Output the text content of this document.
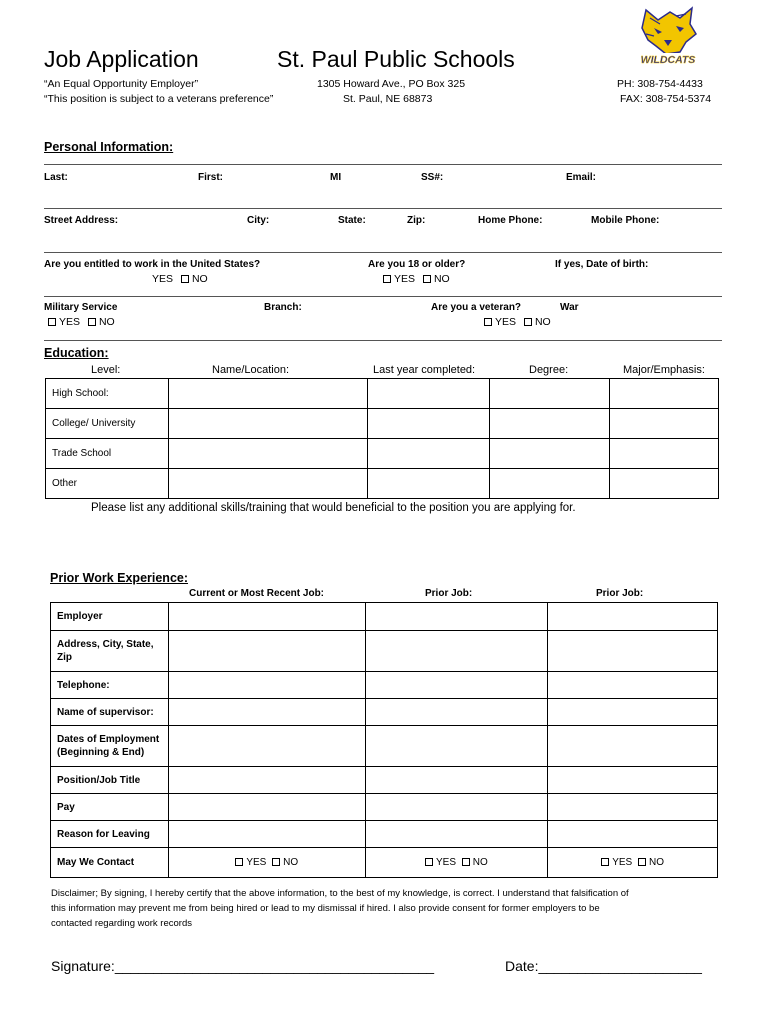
Job Application	St. Paul Public Schools
“An Equal Opportunity Employer”
“This position is subject to a veterans preference”
1305 Howard Ave., PO Box 325
St. Paul, NE 68873
PH: 308-754-4433
FAX: 308-754-5374
WILDCATS
Personal Information:
Last:	First:	MI	SS#:	Email:
Street Address:	City:	State:	Zip:	Home Phone:	Mobile Phone:
Are you entitled to work in the United States?	Are you 18 or older?	If yes, Date of birth:
YES NO	YES NO
Military Service	Branch:	Are you a veteran?	War
YES NO	YES NO
Education:
Level:	Name/Location:	Last year completed:	Degree:	Major/Emphasis:
High School:				
College/ University				
Trade School				
Other				
Please list any additional skills/training that would beneficial to the position you are applying for.
Prior Work Experience:
Current or Most Recent Job:	Prior Job:	Prior Job:
Employer			
Address, City, State,
Zip			
Telephone:			
Name of supervisor:			
Dates of Employment
(Beginning & End)			
Position/Job Title			
Pay			
Reason for Leaving			
May We Contact	YES NO	YES NO	YES NO
Disclaimer; By signing, I hereby certify that the above information, to the best of my knowledge, is correct. I understand that falsification of
this information may prevent me from being hired or lead to my dismissal if hired. I also provide consent for former employers to be
contacted regarding work records
Signature:_________________________________________	Date:_____________________
